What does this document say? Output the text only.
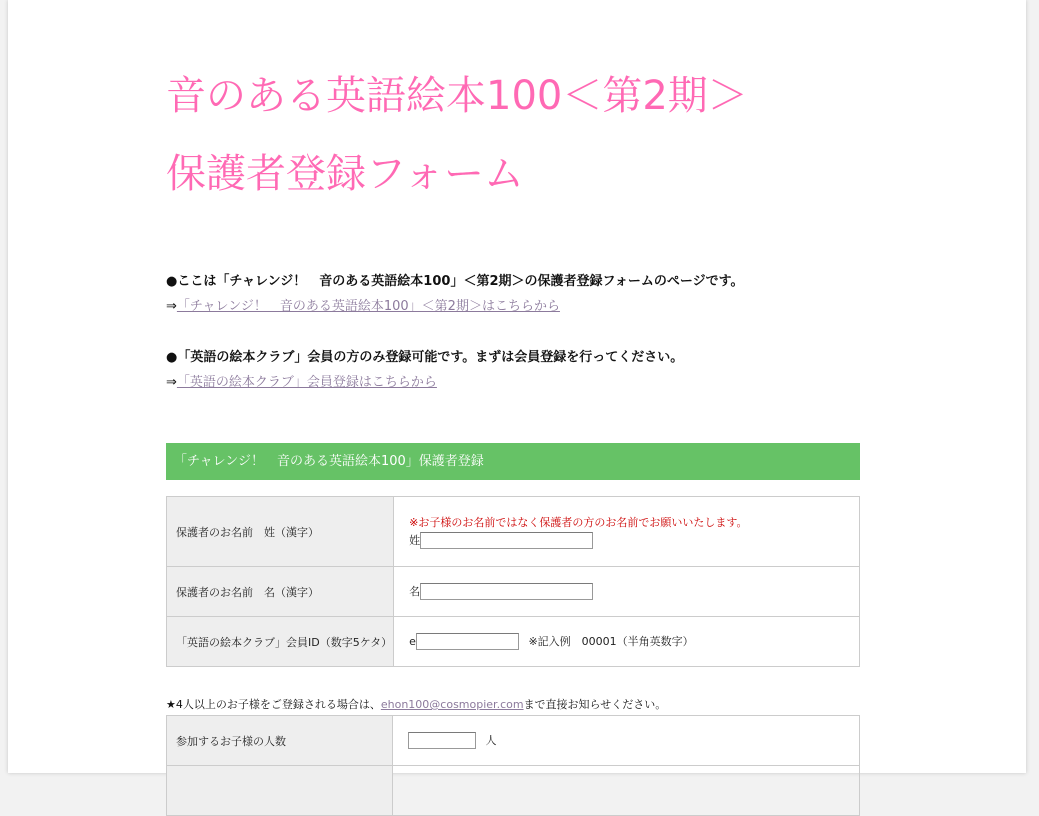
音のある英語絵本100＜第2期＞
保護者登録フォーム

●ここは「チャレンジ！　音のある英語絵本100」＜第2期＞の保護者登録フォームのページです。

⇒「チャレンジ！　音のある英語絵本100」＜第2期＞はこちらから

●「英語の絵本クラブ」会員の方のみ登録可能です。まずは会員登録を行ってください。

⇒「英語の絵本クラブ」会員登録はこちらから

「チャレンジ！　音のある英語絵本100」保護者登録
保護者のお名前　姓（漢字）	※お子様のお名前ではなく保護者の方のお名前でお願いいたします。
姓
保護者のお名前　名（漢字）	名
「英語の絵本クラブ」会員ID（数字5ケタ）	e ※記入例　00001（半角英数字）
★4人以上のお子様をご登録される場合は、ehon100@cosmopier.comまで直接お知らせください。
参加するお子様の人数	人
